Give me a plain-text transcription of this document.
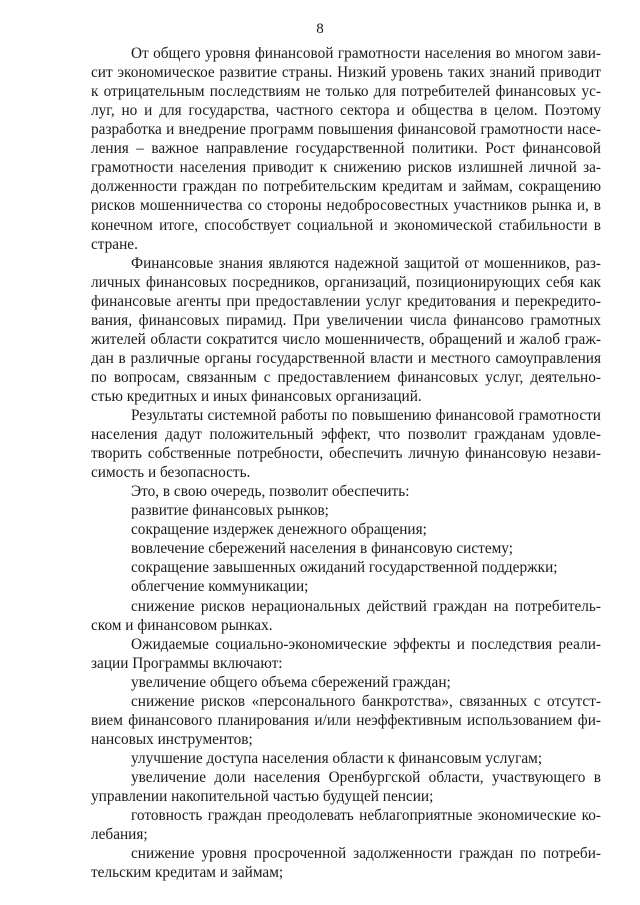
8
От общего уровня финансовой грамотности населения во многом зави-
сит экономическое развитие страны. Низкий уровень таких знаний приводит
к отрицательным последствиям не только для потребителей финансовых ус-
луг, но и для государства, частного сектора и общества в целом. Поэтому
разработка и внедрение программ повышения финансовой грамотности насе-
ления – важное направление государственной политики. Рост финансовой
грамотности населения приводит к снижению рисков излишней личной за-
долженности граждан по потребительским кредитам и займам, сокращению
рисков мошенничества со стороны недобросовестных участников рынка и, в
конечном итоге, способствует социальной и экономической стабильности в
стране.
Финансовые знания являются надежной защитой от мошенников, раз-
личных финансовых посредников, организаций, позиционирующих себя как
финансовые агенты при предоставлении услуг кредитования и перекредито-
вания, финансовых пирамид. При увеличении числа финансово грамотных
жителей области сократится число мошенничеств, обращений и жалоб граж-
дан в различные органы государственной власти и местного самоуправления
по вопросам, связанным с предоставлением финансовых услуг, деятельно-
стью кредитных и иных финансовых организаций.
Результаты системной работы по повышению финансовой грамотности
населения дадут положительный эффект, что позволит гражданам удовле-
творить собственные потребности, обеспечить личную финансовую незави-
симость и безопасность.
Это, в свою очередь, позволит обеспечить:
развитие финансовых рынков;
сокращение издержек денежного обращения;
вовлечение сбережений населения в финансовую систему;
сокращение завышенных ожиданий государственной поддержки;
облегчение коммуникации;
снижение рисков нерациональных действий граждан на потребитель-
ском и финансовом рынках.
Ожидаемые социально-экономические эффекты и последствия реали-
зации Программы включают:
увеличение общего объема сбережений граждан;
снижение рисков «персонального банкротства», связанных с отсутст-
вием финансового планирования и/или неэффективным использованием фи-
нансовых инструментов;
улучшение доступа населения области к финансовым услугам;
увеличение доли населения Оренбургской области, участвующего в
управлении накопительной частью будущей пенсии;
готовность граждан преодолевать неблагоприятные экономические ко-
лебания;
снижение уровня просроченной задолженности граждан по потреби-
тельским кредитам и займам;
